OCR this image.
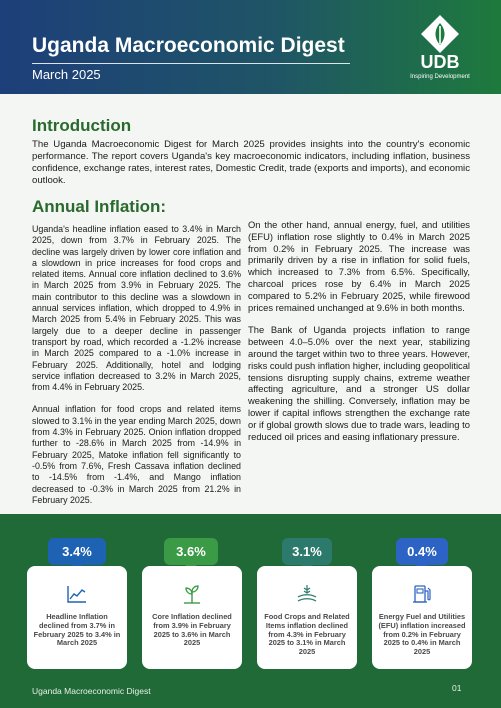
Uganda Macroeconomic Digest
March 2025
UDB
Inspiring Development
Introduction
The Uganda Macroeconomic Digest for March 2025 provides insights into the country's economic performance. The report covers Uganda's key macroeconomic indicators, including inflation, business confidence, exchange rates, interest rates, Domestic Credit, trade (exports and imports), and economic outlook.
Annual Inflation:

Uganda's headline inflation eased to 3.4% in March 2025, down from 3.7% in February 2025. The decline was largely driven by lower core inflation and a slowdown in price increases for food crops and related items. Annual core inflation declined to 3.6% in March 2025 from 3.9% in February 2025. The main contributor to this decline was a slowdown in annual services inflation, which dropped to 4.9% in March 2025 from 5.4% in February 2025. This was largely due to a deeper decline in passenger transport by road, which recorded a -1.2% increase in March 2025 compared to a -1.0% increase in February 2025. Additionally, hotel and lodging service inflation decreased to 3.2% in March 2025, from 4.4% in February 2025.

Annual inflation for food crops and related items slowed to 3.1% in the year ending March 2025, down from 4.3% in February 2025. Onion inflation dropped further to -28.6% in March 2025 from -14.9% in February 2025, Matoke inflation fell significantly to -0.5% from 7.6%, Fresh Cassava inflation declined to -14.5% from -1.4%, and Mango inflation decreased to -0.3% in March 2025 from 21.2% in February 2025.

On the other hand, annual energy, fuel, and utilities (EFU) inflation rose slightly to 0.4% in March 2025 from 0.2% in February 2025. The increase was primarily driven by a rise in inflation for solid fuels, which increased to 7.3% from 6.5%. Specifically, charcoal prices rose by 6.4% in March 2025 compared to 5.2% in February 2025, while firewood prices remained unchanged at 9.6% in both months.

The Bank of Uganda projects inflation to range between 4.0–5.0% over the next year, stabilizing around the target within two to three years. However, risks could push inflation higher, including geopolitical tensions disrupting supply chains, extreme weather affecting agriculture, and a stronger US dollar weakening the shilling. Conversely, inflation may be lower if capital inflows strengthen the exchange rate or if global growth slows due to trade wars, leading to reduced oil prices and easing inflationary pressure.

3.4%
Headline Inflation declined from 3.7% in February 2025 to 3.4% in March 2025
3.6%
Core Inflation declined from 3.9% in February 2025 to 3.6% in March 2025
3.1%
Food Crops and Related Items inflation declined from 4.3% in February 2025 to 3.1% in March 2025
0.4%
Energy Fuel and Utilities (EFU) inflation increased from 0.2% in February 2025 to 0.4% in March 2025
Uganda Macroeconomic Digest	01
